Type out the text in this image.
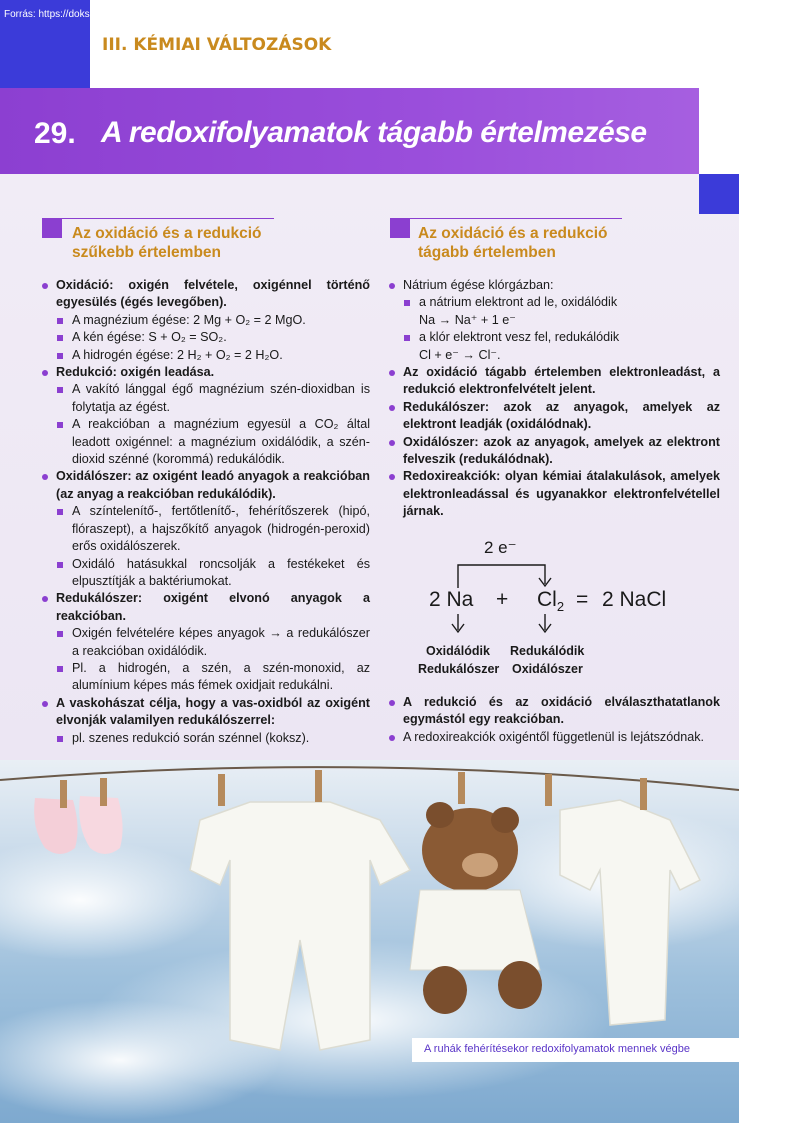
Forrás: https://doksi.net
III. KÉMIAI VÁLTOZÁSOK
29. A redoxifolyamatok tágabb értelmezése
Az oxidáció és a redukció
szűkebb értelemben
Az oxidáció és a redukció
tágabb értelemben

Oxidáció: oxigén felvétele, oxigénnel történő egyesülés (égés levegőben).

A magnézium égése: 2 Mg + O₂ = 2 MgO.

A kén égése: S + O₂ = SO₂.

A hidrogén égése: 2 H₂ + O₂ = 2 H₂O.

Redukció: oxigén leadása.

A vakító lánggal égő magnézium szén-dioxidban is folytatja az égést.

A reakcióban a magnézium egyesül a CO₂ által leadott oxigénnel: a magnézium oxidálódik, a szén-dioxid szénné (korommá) redukálódik.

Oxidálószer: az oxigént leadó anyagok a reakcióban (az anyag a reakcióban redukálódik).

A színtelenítő-, fertőtlenítő-, fehérítőszerek (hipó, flóraszept), a hajszőkítő anyagok (hidrogén-peroxid) erős oxidálószerek.

Oxidáló hatásukkal roncsolják a festékeket és elpusztítják a baktériumokat.

Redukálószer: oxigént elvonó anyagok a reakcióban.

Oxigén felvételére képes anyagok → a redukálószer a reakcióban oxidálódik.

Pl. a hidrogén, a szén, a szén-monoxid, az alumínium képes más fémek oxidjait redukálni.

A vaskohászat célja, hogy a vas-oxidból az oxigént elvonják valamilyen redukálószerrel:

pl. szenes redukció során szénnel (koksz).

Nátrium égése klórgázban:

a nátrium elektront ad le, oxidálódik

Na → Na⁺ + 1 e⁻

a klór elektront vesz fel, redukálódik

Cl + e⁻ → Cl⁻.

Az oxidáció tágabb értelemben elektronleadást, a redukció elektronfelvételt jelent.

Redukálószer: azok az anyagok, amelyek az elektront leadják (oxidálódnak).

Oxidálószer: azok az anyagok, amelyek az elektront felveszik (redukálódnak).

Redoxireakciók: olyan kémiai átalakulások, amelyek elektronleadással és ugyanakkor elektronfelvétellel járnak.

2 e⁻
2 $Na + Cl_2 = 2$ NaCl
Oxidálódik
Redukálószer
Redukálódik
Oxidálószer

A redukció és az oxidáció elválaszthatatlanok egymástól egy reakcióban.

A redoxireakciók oxigéntől függetlenül is lejátszódnak.

A ruhák fehérítésekor redoxifolyamatok mennek végbe
